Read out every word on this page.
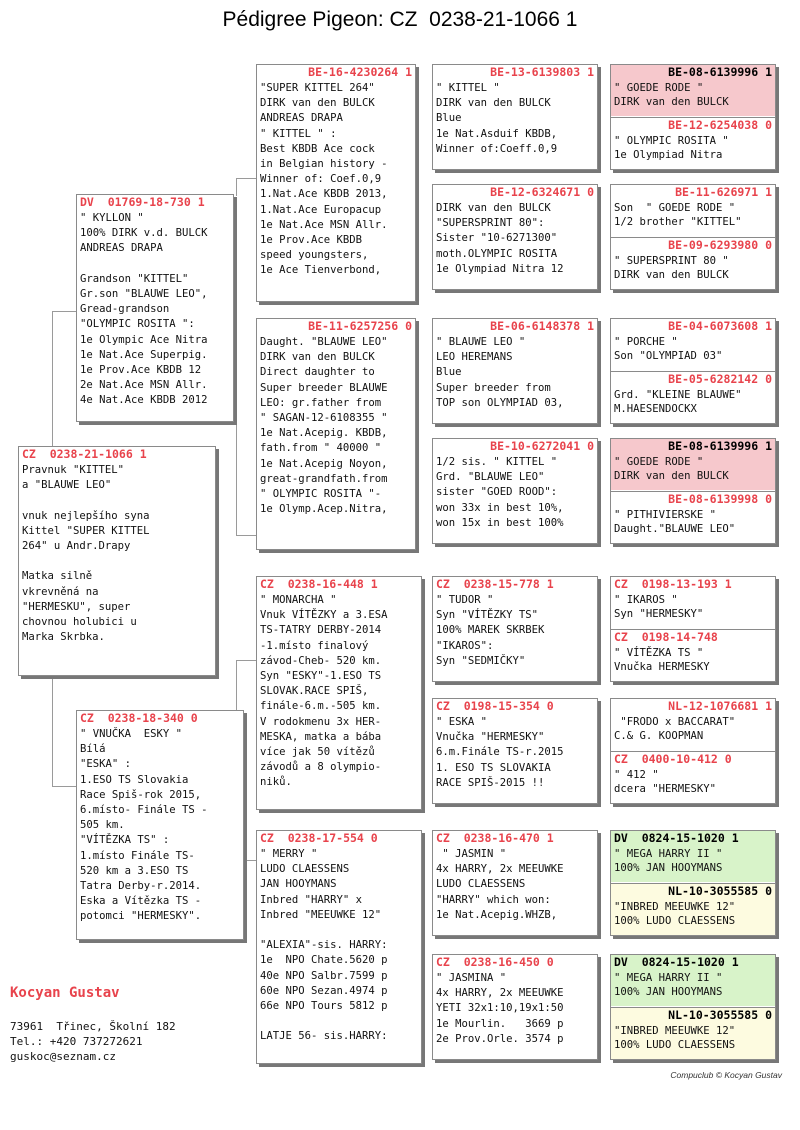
Pédigree Pigeon: CZ  0238-21-1066 1
CZ  0238-21-1066 1
Pravnuk "KITTEL"
a "BLAUWE LEO"

vnuk nejlepšího syna
Kittel "SUPER KITTEL
264" u Andr.Drapy

Matka silně
vkrevněná na
"HERMESKU", super
chovnou holubici u
Marka Skrbka.
DV  01769-18-730 1
" KYLLON "
100% DIRK v.d. BULCK
ANDREAS DRAPA

Grandson "KITTEL"
Gr.son "BLAUWE LEO",
Gread-grandson
"OLYMPIC ROSITA ":
1e Olympic Ace Nitra
1e Nat.Ace Superpig.
1e Prov.Ace KBDB 12
2e Nat.Ace MSN Allr.
4e Nat.Ace KBDB 2012
CZ  0238-18-340 0
" VNUČKA  ESKY "
Bílá
"ESKA" :
1.ESO TS Slovakia
Race Spiš-rok 2015,
6.místo- Finále TS -
505 km.
"VÍTĚZKA TS" :
1.místo Finále TS-
520 km a 3.ESO TS
Tatra Derby-r.2014.
Eska a Vítězka TS -
potomci "HERMESKY".
BE-16-4230264 1
"SUPER KITTEL 264"
DIRK van den BULCK
ANDREAS DRAPA
" KITTEL " :
Best KBDB Ace cock
in Belgian history -
Winner of: Coef.0,9
1.Nat.Ace KBDB 2013,
1.Nat.Ace Europacup
1e Nat.Ace MSN Allr.
1e Prov.Ace KBDB
speed youngsters,
1e Ace Tienverbond,
BE-11-6257256 0
Daught. "BLAUWE LEO"
DIRK van den BULCK
Direct daughter to
Super breeder BLAUWE
LEO: gr.father from
" SAGAN-12-6108355 "
1e Nat.Acepig. KBDB,
fath.from " 40000 "
1e Nat.Acepig Noyon,
great-grandfath.from
" OLYMPIC ROSITA "-
1e Olymp.Acep.Nitra,
CZ  0238-16-448 1
" MONARCHA "
Vnuk VÍTĚZKY a 3.ESA
TS-TATRY DERBY-2014
-1.místo finalový
závod-Cheb- 520 km.
Syn "ESKY"-1.ESO TS
SLOVAK.RACE SPIŠ,
finále-6.m.-505 km.
V rodokmenu 3x HER-
MESKA, matka a bába
více jak 50 vítězů
závodů a 8 olympio-
niků.
CZ  0238-17-554 0
" MERRY "
LUDO CLAESSENS
JAN HOOYMANS
Inbred "HARRY" x
Inbred "MEEUWKE 12"

"ALEXIA"-sis. HARRY:
1e  NPO Chate.5620 p
40e NPO Salbr.7599 p
60e NPO Sezan.4974 p
66e NPO Tours 5812 p

LATJE 56- sis.HARRY:
BE-13-6139803 1
" KITTEL "
DIRK van den BULCK
Blue
1e Nat.Asduif KBDB,
Winner of:Coeff.0,9
BE-12-6324671 0
DIRK van den BULCK
"SUPERSPRINT 80":
Sister "10-6271300"
moth.OLYMPIC ROSITA
1e Olympiad Nitra 12
BE-06-6148378 1
" BLAUWE LEO "
LEO HEREMANS
Blue
Super breeder from
TOP son OLYMPIAD 03,
BE-10-6272041 0
1/2 sis. " KITTEL "
Grd. "BLAUWE LEO"
sister "GOED ROOD":
won 33x in best 10%,
won 15x in best 100%
CZ  0238-15-778 1
" TUDOR "
Syn "VÍTĚZKY TS"
100% MAREK SKRBEK
"IKAROS":
Syn "SEDMIČKY"
CZ  0198-15-354 0
" ESKA "
Vnučka "HERMESKY"
6.m.Finále TS-r.2015
1. ESO TS SLOVAKIA
RACE SPIŠ-2015 !!
CZ  0238-16-470 1
" JASMIN "
4x HARRY, 2x MEEUWKE
LUDO CLAESSENS
"HARRY" which won:
1e Nat.Acepig.WHZB,
CZ  0238-16-450 0
" JASMINA "
4x HARRY, 2x MEEUWKE
YETI 32x1:10,19x1:50
1e Mourlin.   3669 p
2e Prov.Orle. 3574 p
BE-08-6139996 1
" GOEDE RODE "
DIRK van den BULCK
BE-12-6254038 0
" OLYMPIC ROSITA "
1e Olympiad Nitra
BE-11-626971 1
Son  " GOEDE RODE "
1/2 brother "KITTEL"
BE-09-6293980 0
" SUPERSPRINT 80 "
DIRK van den BULCK
BE-04-6073608 1
" PORCHE "
Son "OLYMPIAD 03"
BE-05-6282142 0
Grd. "KLEINE BLAUWE"
M.HAESENDOCKX
BE-08-6139996 1
" GOEDE RODE "
DIRK van den BULCK
BE-08-6139998 0
" PITHIVIERSKE "
Daught."BLAUWE LEO"
CZ  0198-13-193 1
" IKAROS "
Syn "HERMESKY"
CZ  0198-14-748
" VÍTĚZKA TS "
Vnučka HERMESKY
NL-12-1076681 1
"FRODO x BACCARAT"
C.& G. KOOPMAN
CZ  0400-10-412 0
" 412 "
dcera "HERMESKY"
DV  0824-15-1020 1
" MEGA HARRY II "
100% JAN HOOYMANS
NL-10-3055585 0
"INBRED MEEUWKE 12"
100% LUDO CLAESSENS
DV  0824-15-1020 1
" MEGA HARRY II "
100% JAN HOOYMANS
NL-10-3055585 0
"INBRED MEEUWKE 12"
100% LUDO CLAESSENS
Kocyan Gustav
73961  Třinec, Školní 182
Tel.: +420 737272621
guskoc@seznam.cz
Compuclub © Kocyan Gustav
